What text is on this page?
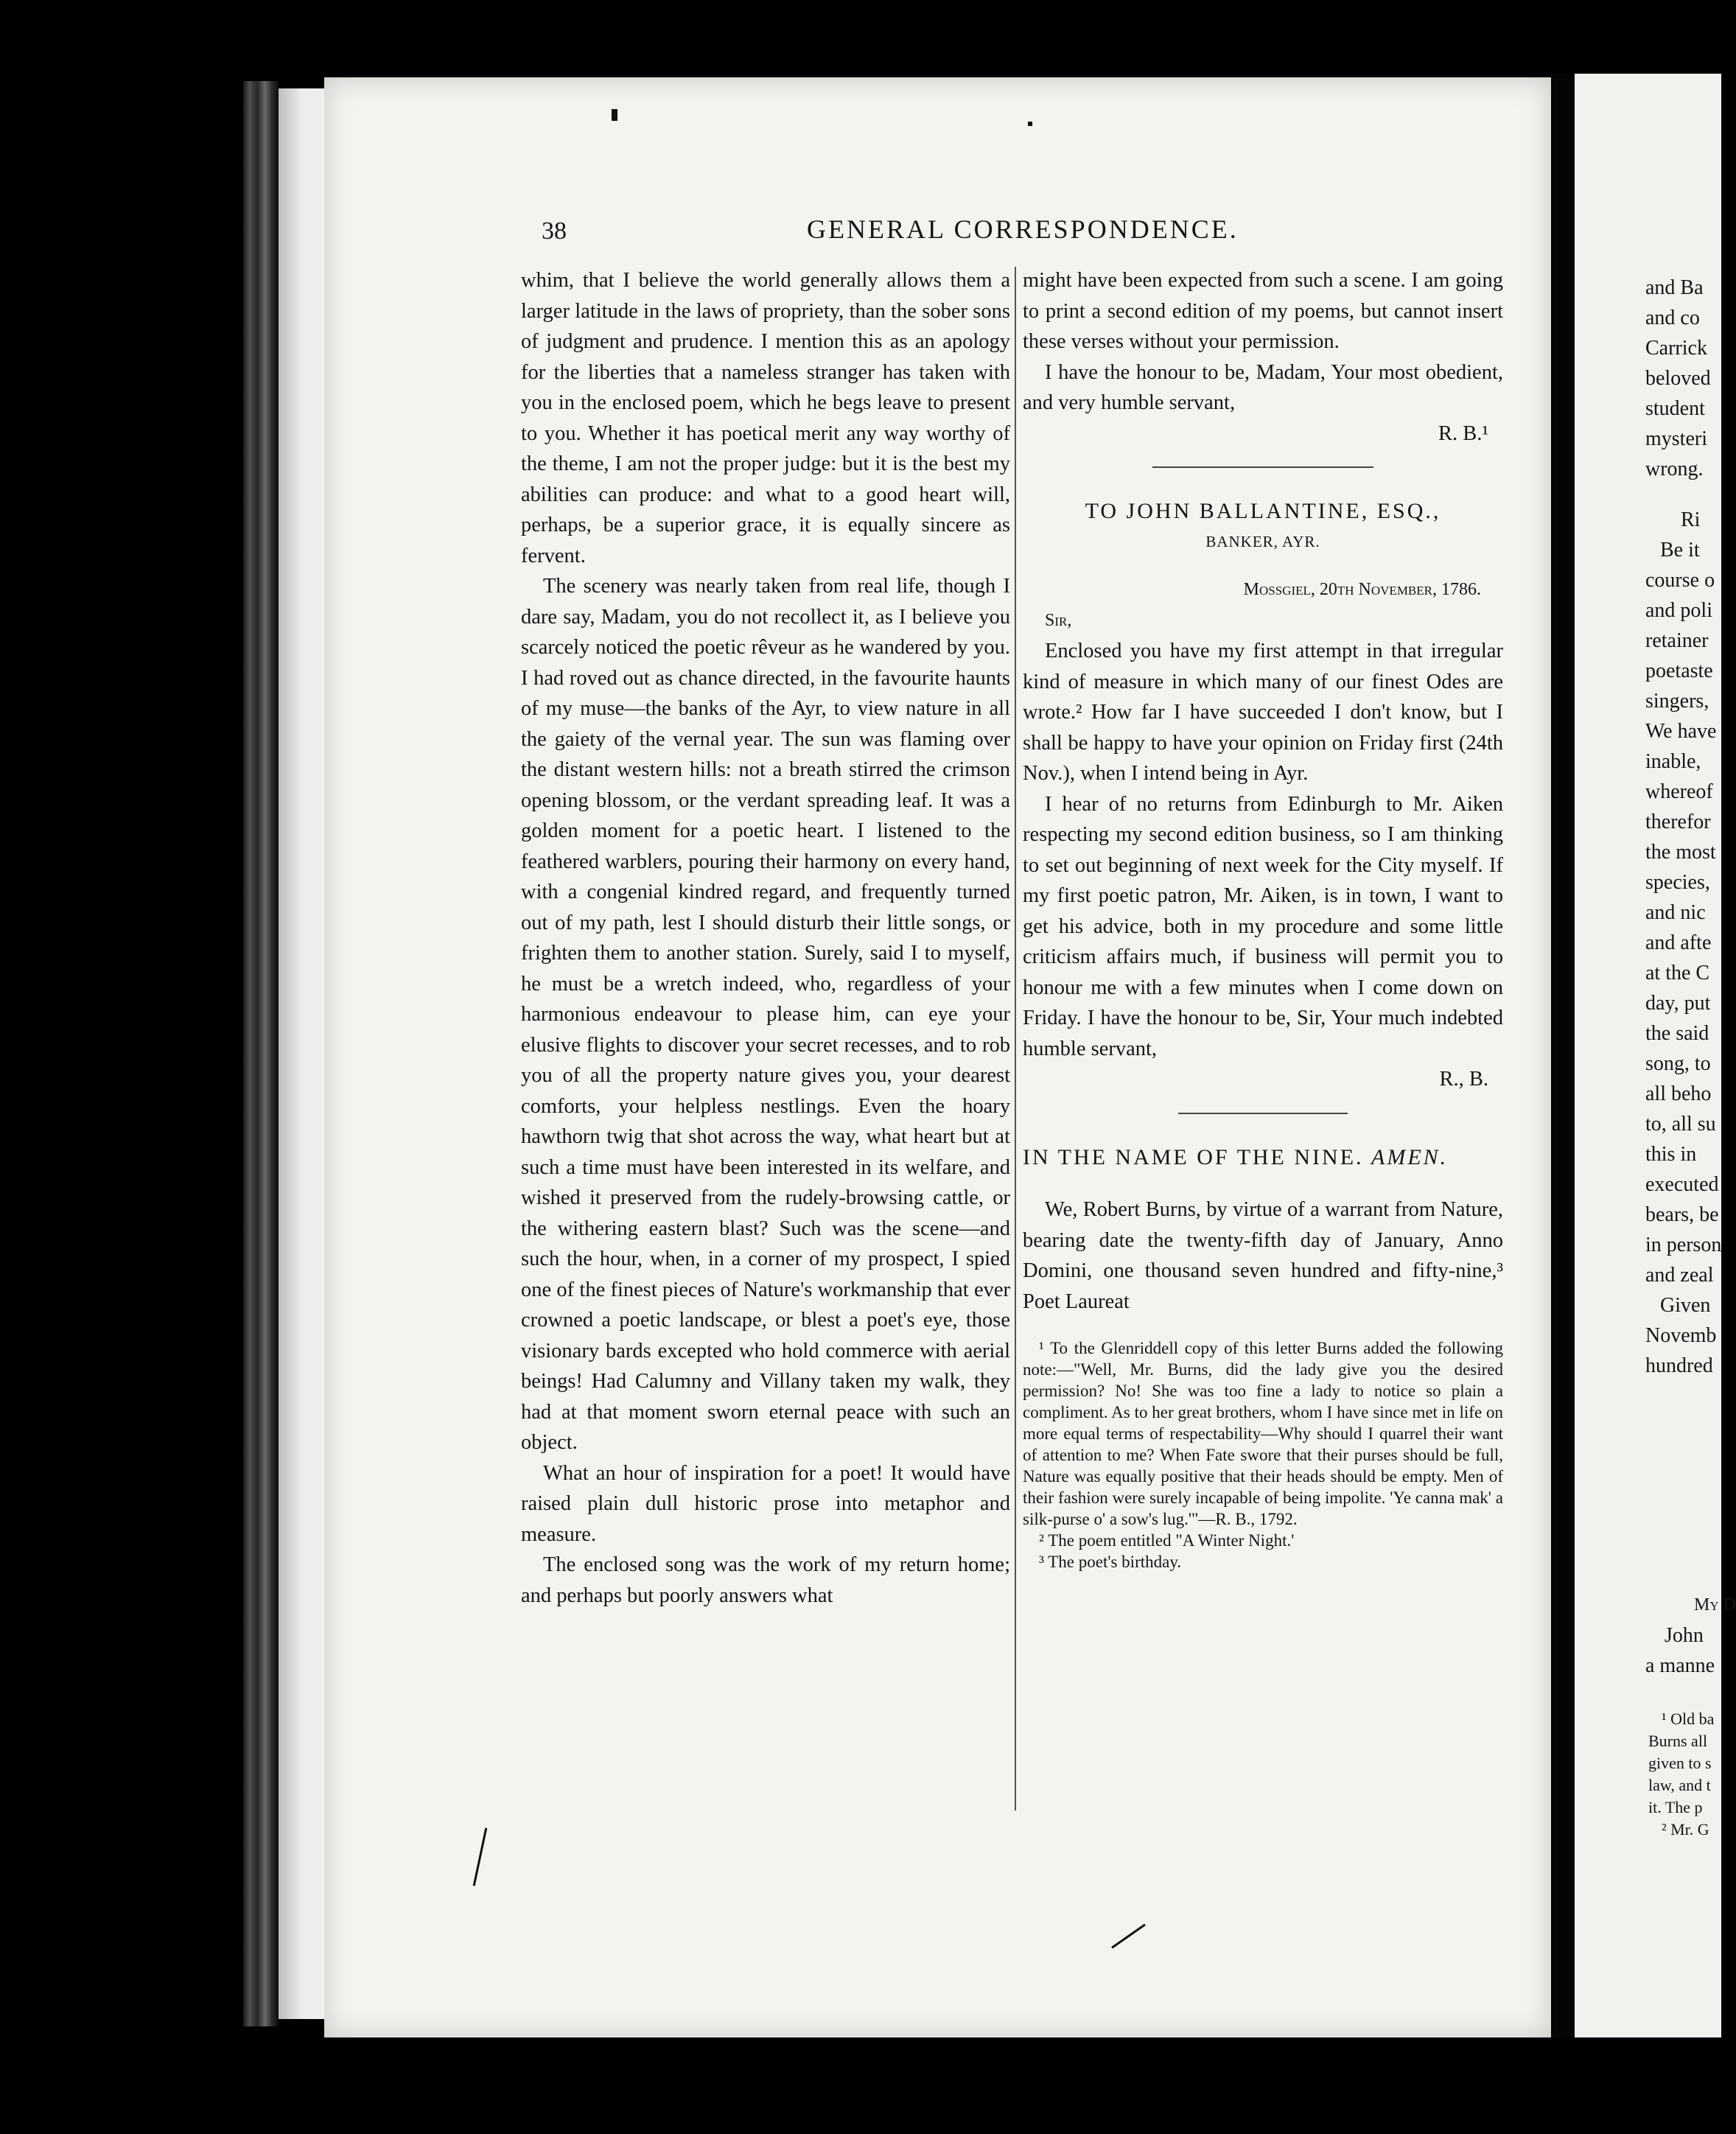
38	GENERAL CORRESPONDENCE.

whim, that I believe the world generally allows them a larger latitude in the laws of propriety, than the sober sons of judgment and prudence. I mention this as an apology for the liberties that a nameless stranger has taken with you in the enclosed poem, which he begs leave to present to you. Whether it has poetical merit any way worthy of the theme, I am not the proper judge: but it is the best my abilities can produce: and what to a good heart will, perhaps, be a superior grace, it is equally sincere as fervent.

The scenery was nearly taken from real life, though I dare say, Madam, you do not recollect it, as I believe you scarcely noticed the poetic rêveur as he wandered by you. I had roved out as chance directed, in the favourite haunts of my muse—the banks of the Ayr, to view nature in all the gaiety of the vernal year. The sun was flaming over the distant western hills: not a breath stirred the crimson opening blossom, or the verdant spreading leaf. It was a golden moment for a poetic heart. I listened to the feathered warblers, pouring their harmony on every hand, with a congenial kindred regard, and frequently turned out of my path, lest I should disturb their little songs, or frighten them to another station. Surely, said I to myself, he must be a wretch indeed, who, regardless of your harmonious endeavour to please him, can eye your elusive flights to discover your secret recesses, and to rob you of all the property nature gives you, your dearest comforts, your helpless nestlings. Even the hoary hawthorn twig that shot across the way, what heart but at such a time must have been interested in its welfare, and wished it preserved from the rudely-browsing cattle, or the withering eastern blast? Such was the scene—and such the hour, when, in a corner of my prospect, I spied one of the finest pieces of Nature's workmanship that ever crowned a poetic landscape, or blest a poet's eye, those visionary bards excepted who hold commerce with aerial beings! Had Calumny and Villany taken my walk, they had at that moment sworn eternal peace with such an object.

What an hour of inspiration for a poet! It would have raised plain dull historic prose into metaphor and measure.

The enclosed song was the work of my return home; and perhaps but poorly answers what

might have been expected from such a scene. I am going to print a second edition of my poems, but cannot insert these verses without your permission.

I have the honour to be, Madam, Your most obedient, and very humble servant,

R. B.¹

TO JOHN BALLANTINE, ESQ.,

BANKER, AYR.

Mossgiel, 20th November, 1786.

Sir,

Enclosed you have my first attempt in that irregular kind of measure in which many of our finest Odes are wrote.² How far I have succeeded I don't know, but I shall be happy to have your opinion on Friday first (24th Nov.), when I intend being in Ayr.

I hear of no returns from Edinburgh to Mr. Aiken respecting my second edition business, so I am thinking to set out beginning of next week for the City myself. If my first poetic patron, Mr. Aiken, is in town, I want to get his advice, both in my procedure and some little criticism affairs much, if business will permit you to honour me with a few minutes when I come down on Friday. I have the honour to be, Sir, Your much indebted humble servant,

R., B.

IN THE NAME OF THE NINE. AMEN.

We, Robert Burns, by virtue of a warrant from Nature, bearing date the twenty-fifth day of January, Anno Domini, one thousand seven hundred and fifty-nine,³ Poet Laureat

¹ To the Glenriddell copy of this letter Burns added the following note:—"Well, Mr. Burns, did the lady give you the desired permission? No! She was too fine a lady to notice so plain a compliment. As to her great brothers, whom I have since met in life on more equal terms of respectability—Why should I quarrel their want of attention to me? When Fate swore that their purses should be full, Nature was equally positive that their heads should be empty. Men of their fashion were surely incapable of being impolite. 'Ye canna mak' a silk-purse o' a sow's lug.'"—R. B., 1792.

² The poem entitled "A Winter Night.'

³ The poet's birthday.

and Ba

and co

Carrick

beloved

student

mysteri

wrong.

Ri

Be it

course o

and poli

retainer

poetaste

singers,

We have

inable,

whereof

therefor

the most

species,

and nic

and afte

at the C

day, put

the said

song, to

all beho

to, all su

this in

executed

bears, be

in person

and zeal

Given

Novemb

hundred

My D

John

a manne

¹ Old ba

Burns all

given to s

law, and t

it. The p

² Mr. G
